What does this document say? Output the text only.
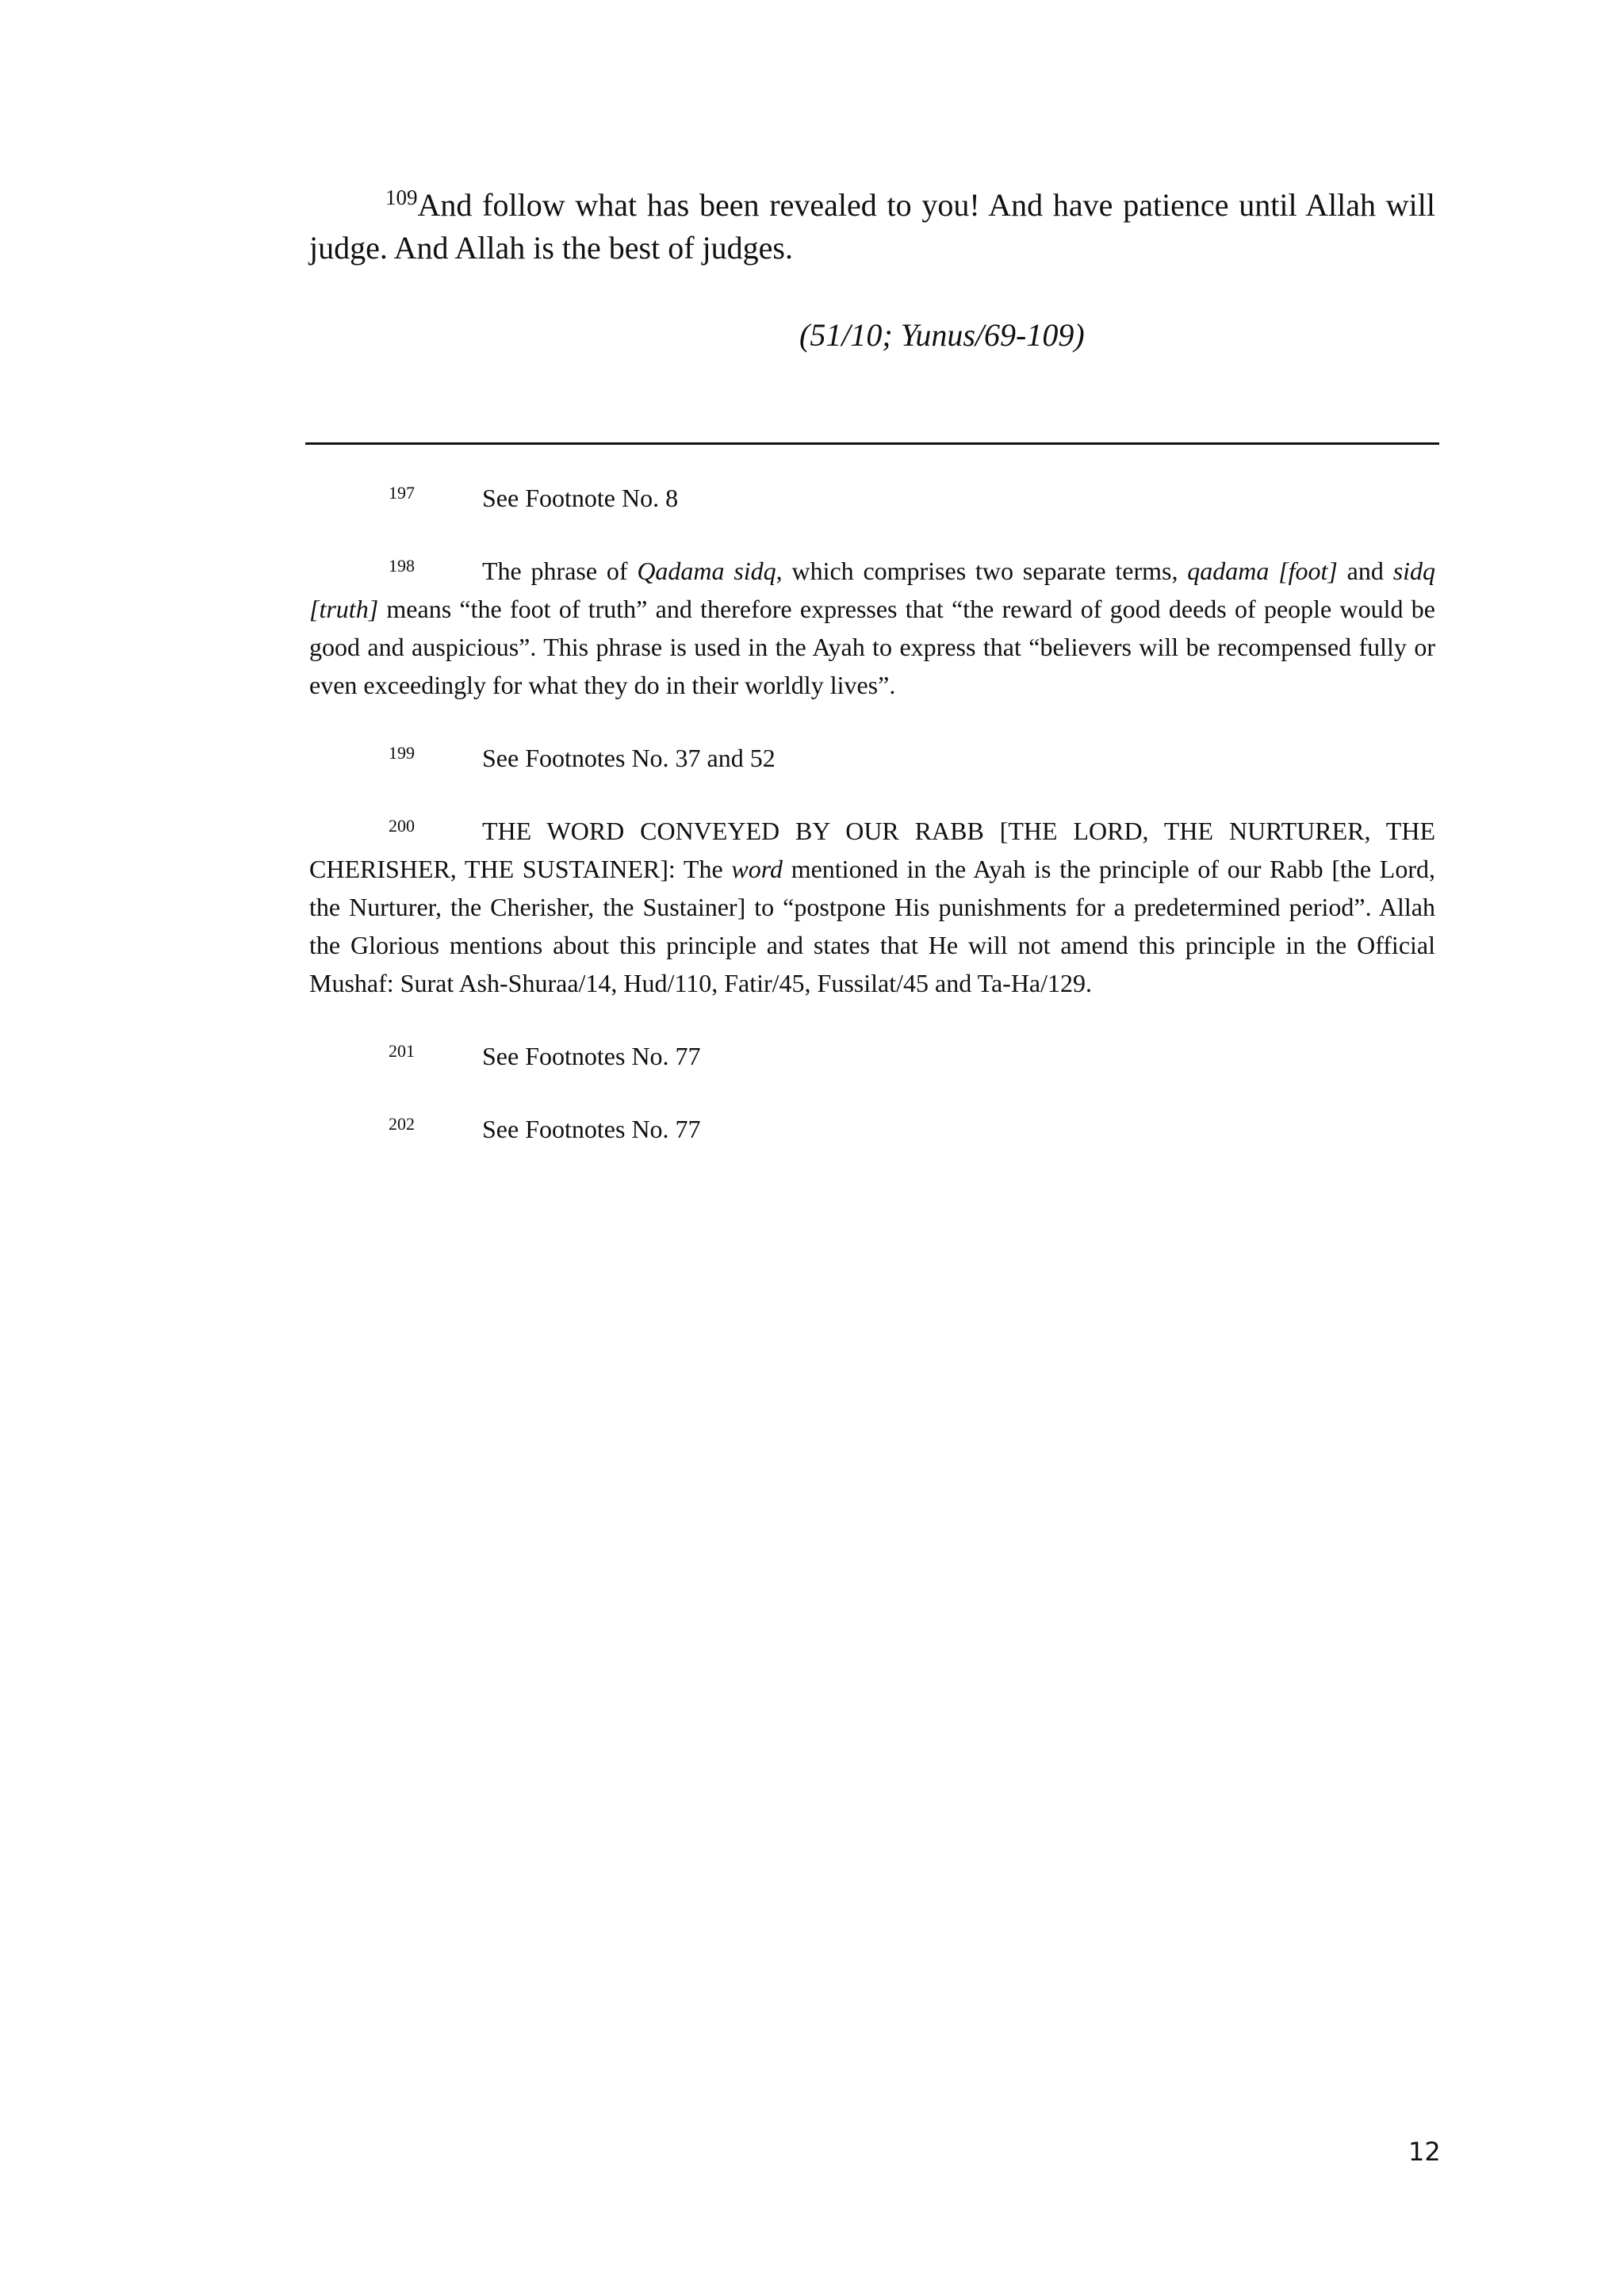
$^{109}$And follow what has been revealed to you! And have patience until Allah will judge. And Allah is the best of judges.

(51/10; Yunus/69-109)

197	See Footnote No. 8

198	The phrase of Qadama sidq, which comprises two separate terms, qadama [foot] and sidq [truth] means “the foot of truth” and therefore expresses that “the reward of good deeds of people would be good and auspicious”. This phrase is used in the Ayah to express that “believers will be recompensed fully or even exceedingly for what they do in their worldly lives”.

199	See Footnotes No. 37 and 52

200	THE WORD CONVEYED BY OUR RABB [THE LORD, THE NURTURER, THE CHERISHER, THE SUSTAINER]: The word mentioned in the Ayah is the principle of our Rabb [the Lord, the Nurturer, the Cherisher, the Sustainer] to “postpone His punishments for a predetermined period”. Allah the Glorious mentions about this principle and states that He will not amend this principle in the Official Mushaf: Surat Ash-Shuraa/14, Hud/110, Fatir/45, Fussilat/45 and Ta-Ha/129.

201	See Footnotes No. 77

202	See Footnotes No. 77

12
